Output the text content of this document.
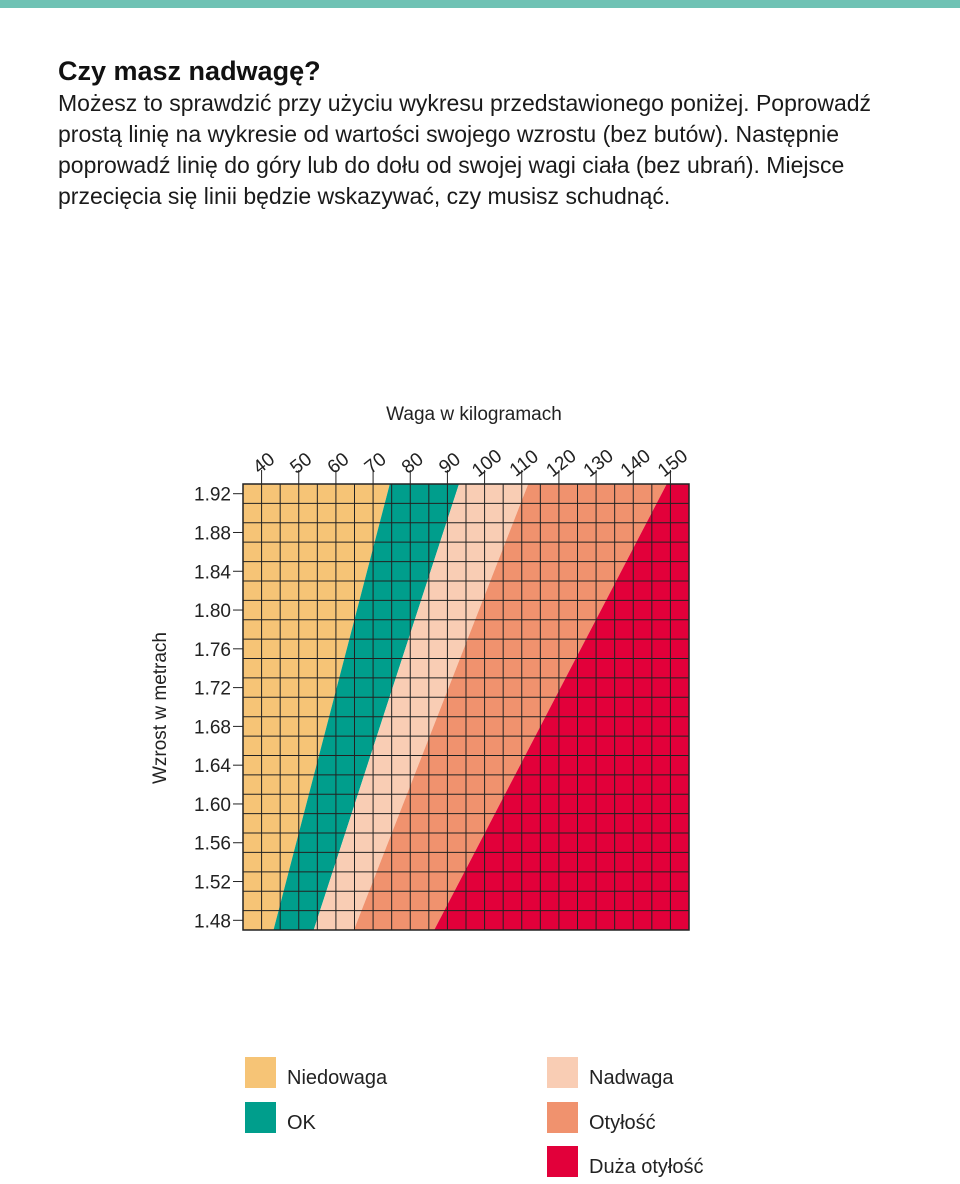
Czy masz nadwagę?

Możesz to sprawdzić przy użyciu wykresu przedstawionego poniżej. Poprowadź prostą linię na wykresie od wartości swojego wzrostu (bez butów). Następnie poprowadź linię do góry lub do dołu od swojej wagi ciała (bez ubrań). Miejsce przecięcia się linii będzie wskazywać, czy musisz schudnąć.

40 50 60 70 80 90 100 110 120 130 140 150
1.92
1.88
1.84
1.80
1.76
1.72
1.68
1.64
1.60
1.56
1.52
1.48
Waga w kilogramach
Wzrost w metrach
Niedowaga
OK
Nadwaga
Otyłość
Duża otyłość
